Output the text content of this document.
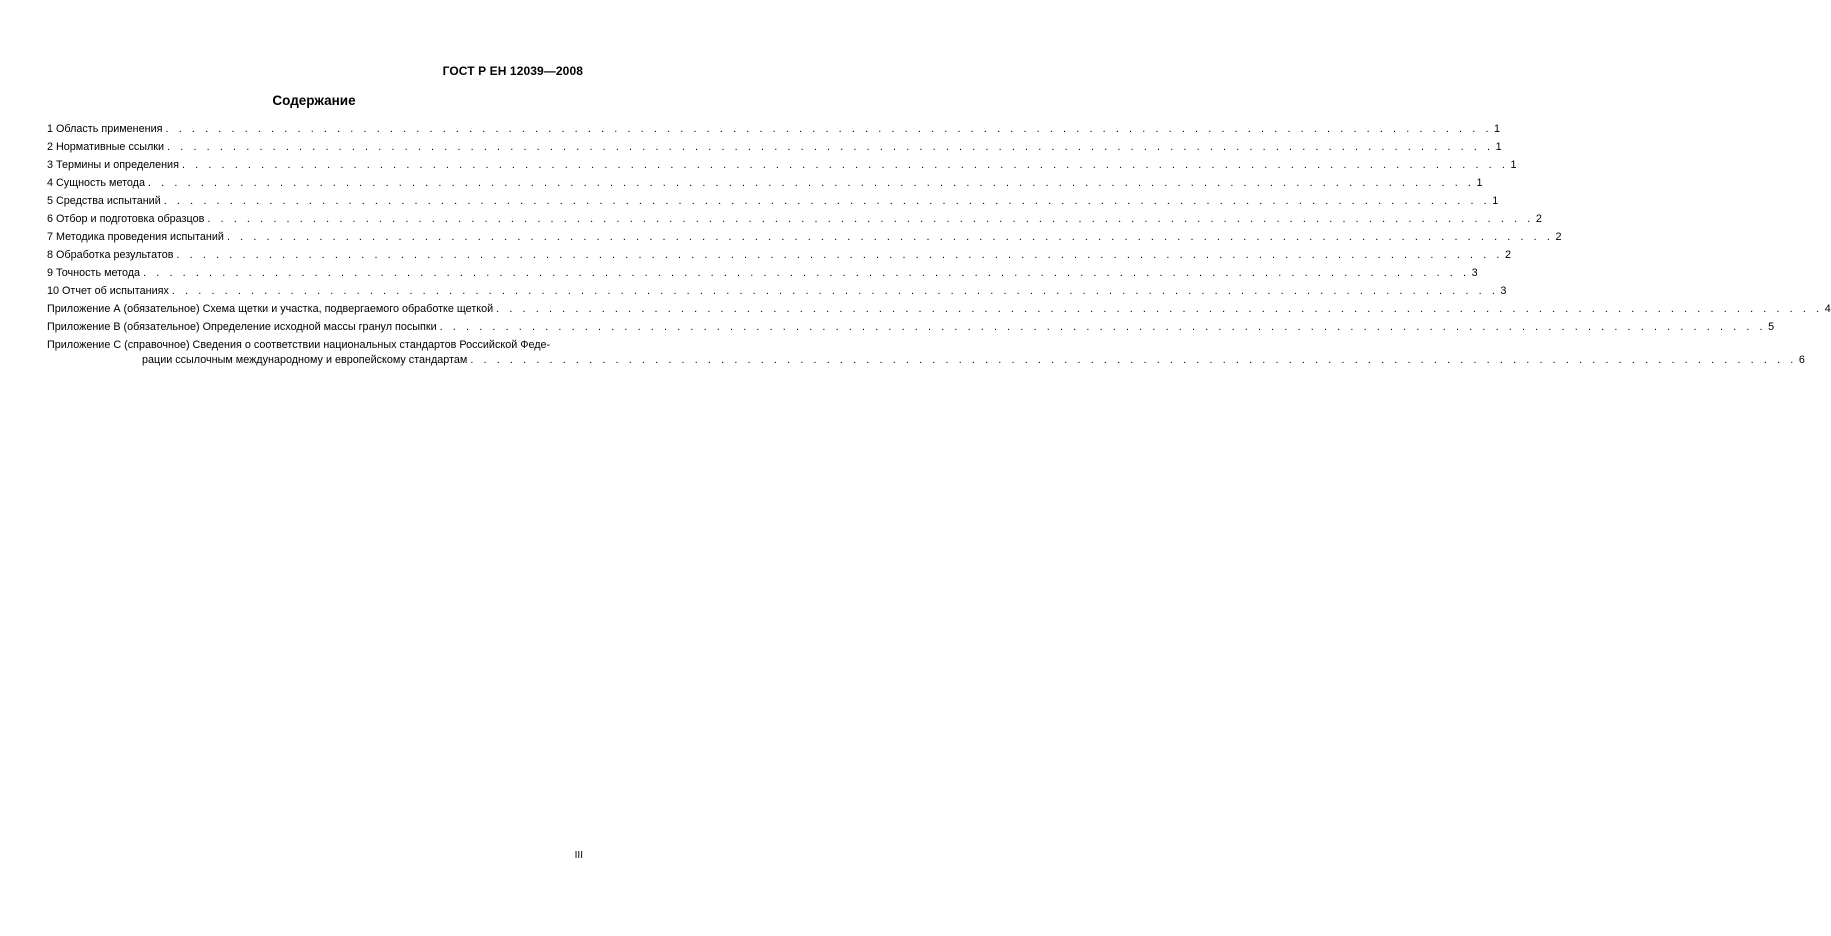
ГОСТ Р ЕН 12039—2008
Содержание
1 Область применения . . . . . . . . . . . . . . . . . . . . . . . . . . . . . . . . . . . . . . . . . . . . . . . . . . . . . . . . . . . . . . . . . . . . . . . . . . . . . . . . . . . . . . . . . . . . . . . . . . . . . 1
2 Нормативные ссылки . . . . . . . . . . . . . . . . . . . . . . . . . . . . . . . . . . . . . . . . . . . . . . . . . . . . . . . . . . . . . . . . . . . . . . . . . . . . . . . . . . . . . . . . . . . . . . . . . . . . . 1
3 Термины и определения . . . . . . . . . . . . . . . . . . . . . . . . . . . . . . . . . . . . . . . . . . . . . . . . . . . . . . . . . . . . . . . . . . . . . . . . . . . . . . . . . . . . . . . . . . . . . . . . . . . . . 1
4 Сущность метода . . . . . . . . . . . . . . . . . . . . . . . . . . . . . . . . . . . . . . . . . . . . . . . . . . . . . . . . . . . . . . . . . . . . . . . . . . . . . . . . . . . . . . . . . . . . . . . . . . . . . 1
5 Средства испытаний . . . . . . . . . . . . . . . . . . . . . . . . . . . . . . . . . . . . . . . . . . . . . . . . . . . . . . . . . . . . . . . . . . . . . . . . . . . . . . . . . . . . . . . . . . . . . . . . . . . . . 1
6 Отбор и подготовка образцов . . . . . . . . . . . . . . . . . . . . . . . . . . . . . . . . . . . . . . . . . . . . . . . . . . . . . . . . . . . . . . . . . . . . . . . . . . . . . . . . . . . . . . . . . . . . . . . . . . . . . 2
7 Методика проведения испытаний . . . . . . . . . . . . . . . . . . . . . . . . . . . . . . . . . . . . . . . . . . . . . . . . . . . . . . . . . . . . . . . . . . . . . . . . . . . . . . . . . . . . . . . . . . . . . . . . . . . . . 2
8 Обработка результатов . . . . . . . . . . . . . . . . . . . . . . . . . . . . . . . . . . . . . . . . . . . . . . . . . . . . . . . . . . . . . . . . . . . . . . . . . . . . . . . . . . . . . . . . . . . . . . . . . . . . . 2
9 Точность метода . . . . . . . . . . . . . . . . . . . . . . . . . . . . . . . . . . . . . . . . . . . . . . . . . . . . . . . . . . . . . . . . . . . . . . . . . . . . . . . . . . . . . . . . . . . . . . . . . . . . . 3
10 Отчет об испытаниях . . . . . . . . . . . . . . . . . . . . . . . . . . . . . . . . . . . . . . . . . . . . . . . . . . . . . . . . . . . . . . . . . . . . . . . . . . . . . . . . . . . . . . . . . . . . . . . . . . . . . 3
Приложение А (обязательное) Схема щетки и участка, подвергаемого обработке щеткой . . . . . . . . . . . . . . . . . . . . . . . . . . . . . . . . . . . . . . . . . . . . . . . . . . . . . . . . . . . . . . . . . . . . . . . . . . . . . . . . . . . . . . . . . . . . . . . . . . . . . 4
Приложение В (обязательное) Определение исходной массы гранул посыпки . . . . . . . . . . . . . . . . . . . . . . . . . . . . . . . . . . . . . . . . . . . . . . . . . . . . . . . . . . . . . . . . . . . . . . . . . . . . . . . . . . . . . . . . . . . . . . . . . . . . . 5
Приложение С (справочное) Сведения о соответствии национальных стандартов Российской Феде-
рации ссылочным международному и европейскому стандартам . . . . . . . . . . . . . . . . . . . . . . . . . . . . . . . . . . . . . . . . . . . . . . . . . . . . . . . . . . . . . . . . . . . . . . . . . . . . . . . . . . . . . . . . . . . . . . . . . . . . . 6
III
